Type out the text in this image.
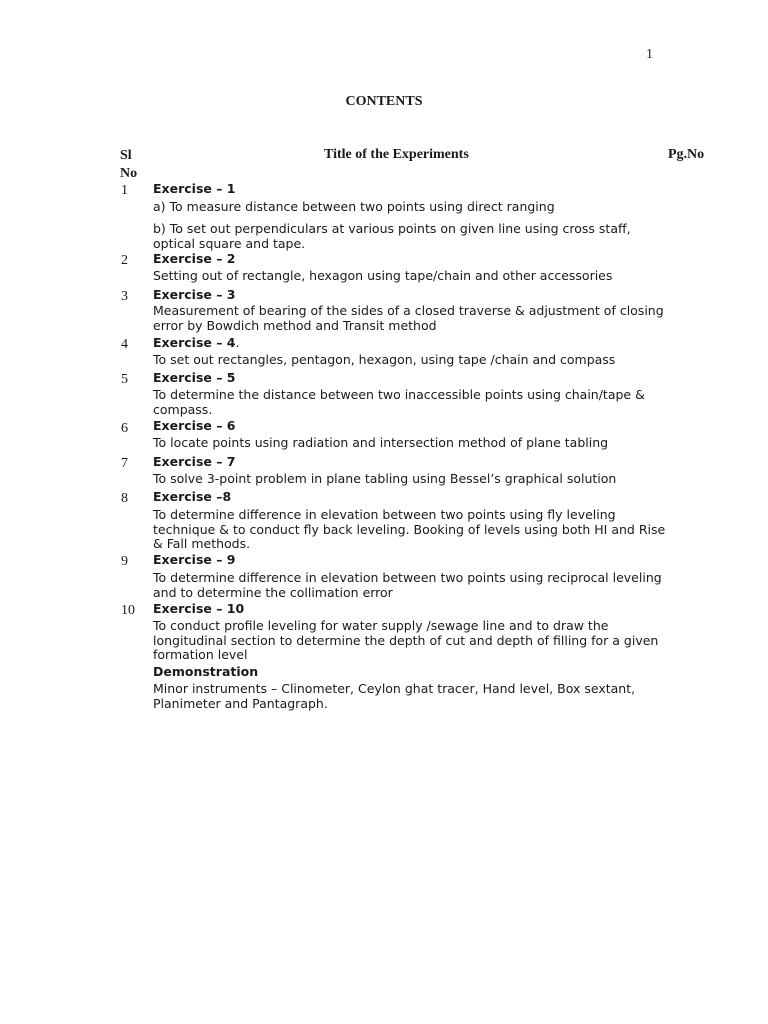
1
CONTENTS
Sl
No
Title of the Experiments	Pg.No
1 Exercise – 1
a) To measure distance between two points using direct ranging
b) To set out perpendiculars at various points on given line using cross staff, optical square and tape.
2 Exercise – 2
Setting out of rectangle, hexagon using tape/chain and other accessories
3 Exercise – 3
Measurement of bearing of the sides of a closed traverse & adjustment of closing error by Bowdich method and Transit method
4 Exercise – 4.
To set out rectangles, pentagon, hexagon, using tape /chain and compass
5 Exercise – 5
To determine the distance between two inaccessible points using chain/tape & compass.
6 Exercise – 6
To locate points using radiation and intersection method of plane tabling
7 Exercise – 7
To solve 3-point problem in plane tabling using Bessel’s graphical solution
8 Exercise –8
To determine difference in elevation between two points using fly leveling technique & to conduct fly back leveling. Booking of levels using both HI and Rise & Fall methods.
9 Exercise – 9
To determine difference in elevation between two points using reciprocal leveling and to determine the collimation error
10 Exercise – 10
To conduct profile leveling for water supply /sewage line and to draw the longitudinal section to determine the depth of cut and depth of filling for a given formation level
Demonstration
Minor instruments – Clinometer, Ceylon ghat tracer, Hand level, Box sextant, Planimeter and Pantagraph.
